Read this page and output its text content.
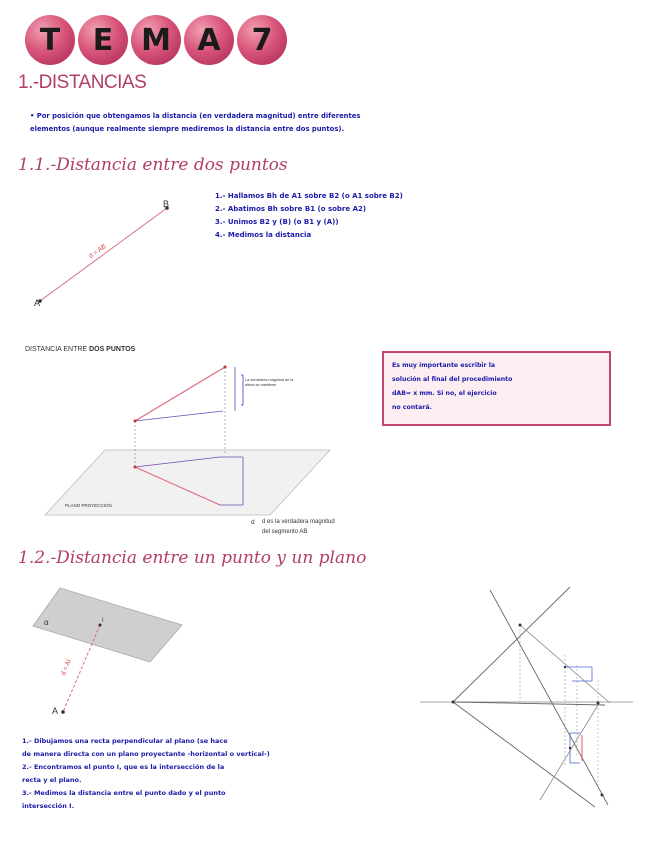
T E M A 7
1.-DISTANCIAS
• Por posición que obtengamos la distancia (en verdadera magnitud) entre diferentes
elementos (aunque realmente siempre mediremos la distancia entre dos puntos).
1.1.-Distancia entre dos puntos
B
A
d = AB
1.- Hallamos Bh de A1 sobre B2 (o A1 sobre B2)
2.- Abatimos Bh sobre B1 (o sobre A2)
3.- Unimos B2 y (B) (o B1 y (A))
4.- Medimos la distancia
DISTANCIA ENTRE DOS PUNTOS
La verdadera magnitud de la altura se mantiene
PLANO PROYECCIÓN
d d es la verdadera magnitud
del segmento AB
Es muy importante escribir la
solución al final del procedimiento
dAB= x mm. Si no, el ejercicio
no contará.
1.2.-Distancia entre un punto y un plano
α	I
A
d = AI
1.- Dibujamos una recta perpendicular al plano (se hace
de manera directa con un plano proyectante -horizontal o vertical-)
2.- Encontramos el punto I, que es la intersección de la
recta y el plano.
3.- Medimos la distancia entre el punto dado y el punto
intersección I.
